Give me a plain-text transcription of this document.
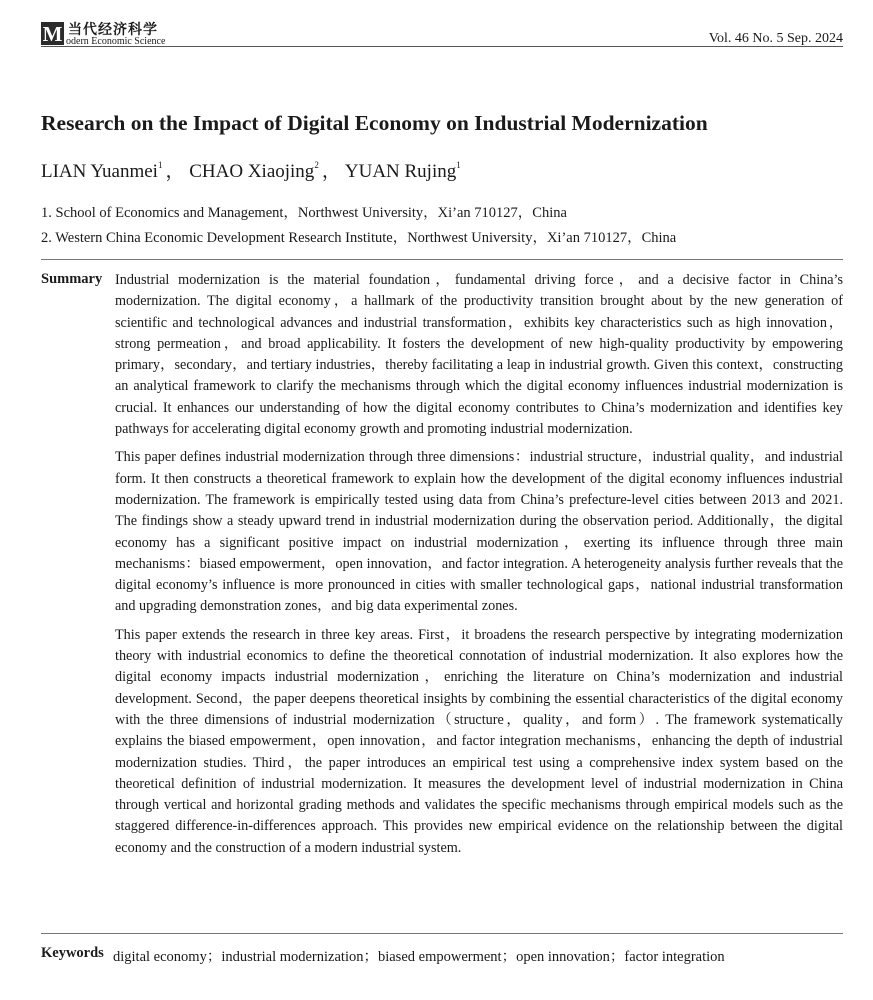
M 当代经济科学
odern Economic Science	Vol. 46 No. 5 Sep. 2024
Research on the Impact of Digital Economy on Industrial Modernization
LIAN Yuanmei$^1$ ， CHAO Xiaojing$^2$ ， YUAN Rujing$^1$
1. School of Economics and Management，Northwest University，Xi’an 710127，China
2. Western China Economic Development Research Institute，Northwest University，Xi’an 710127，China
Summary Industrial modernization is the material foundation，fundamental driving force，and a decisive factor in China’s modernization. The digital economy，a hallmark of the productivity transition brought about by the new generation of scientific and technological advances and industrial transformation，exhibits key characteristics such as high innovation，strong permeation，and broad applicability. It fosters the development of new high-quality productivity by empowering primary，secondary，and tertiary industries，thereby facilitating a leap in industrial growth. Given this context，constructing an analytical framework to clarify the mechanisms through which the digital economy influences industrial modernization is crucial. It enhances our understanding of how the digital economy contributes to China’s modernization and identifies key pathways for accelerating digital economy growth and promoting industrial modernization.

This paper defines industrial modernization through three dimensions：industrial structure，industrial quality，and industrial form. It then constructs a theoretical framework to explain how the development of the digital economy influences industrial modernization. The framework is empirically tested using data from China’s prefecture-level cities between 2013 and 2021. The findings show a steady upward trend in industrial modernization during the observation period. Additionally，the digital economy has a significant positive impact on industrial modernization，exerting its influence through three main mechanisms：biased empowerment，open innovation，and factor integration. A heterogeneity analysis further reveals that the digital economy’s influence is more pronounced in cities with smaller technological gaps，national industrial transformation and upgrading demonstration zones，and big data experimental zones.

This paper extends the research in three key areas. First，it broadens the research perspective by integrating modernization theory with industrial economics to define the theoretical connotation of industrial modernization. It also explores how the digital economy impacts industrial modernization，enriching the literature on China’s modernization and industrial development. Second，the paper deepens theoretical insights by combining the essential characteristics of the digital economy with the three dimensions of industrial modernization（structure，quality，and form）. The framework systematically explains the biased empowerment，open innovation，and factor integration mechanisms，enhancing the depth of industrial modernization studies. Third，the paper introduces an empirical test using a comprehensive index system based on the theoretical definition of industrial modernization. It measures the development level of industrial modernization in China through vertical and horizontal grading methods and validates the specific mechanisms through empirical models such as the staggered difference-in-differences approach. This provides new empirical evidence on the relationship between the digital economy and the construction of a modern industrial system.

Keywords digital economy；industrial modernization；biased empowerment；open innovation；factor integration
